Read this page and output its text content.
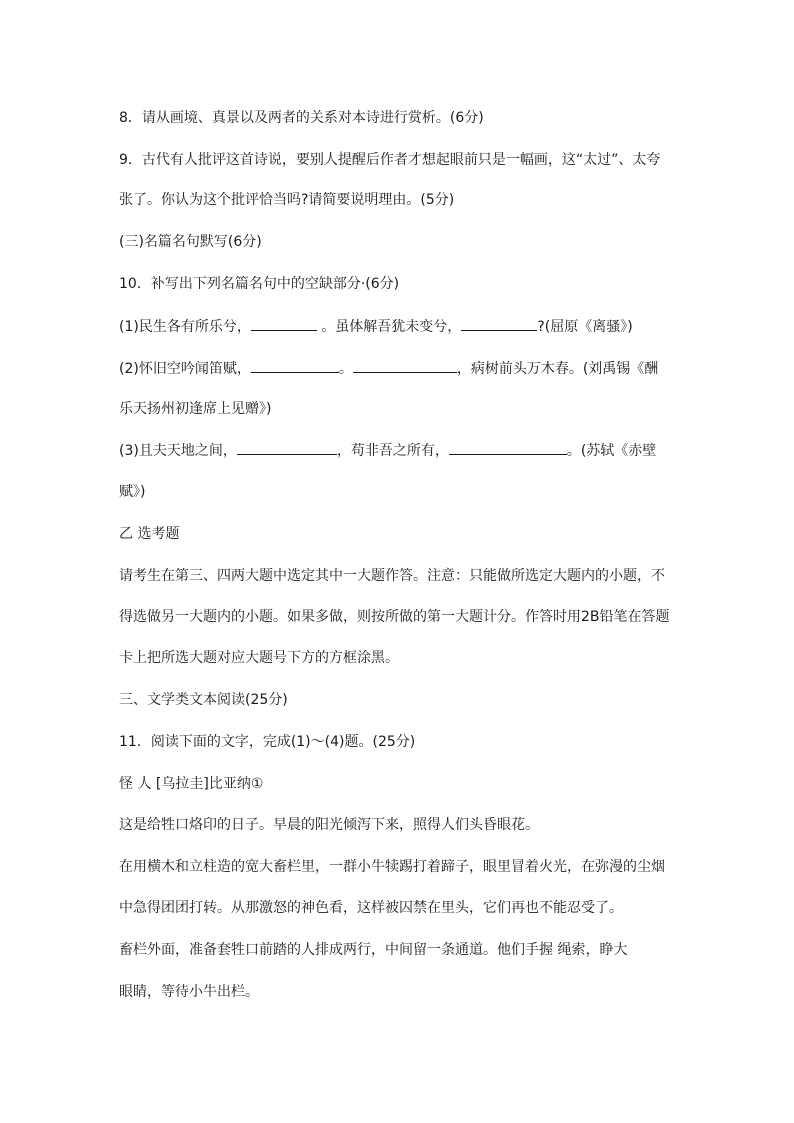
8．请从画境、真景以及两者的关系对本诗进行赏析。(6分)
9．古代有人批评这首诗说，要别人提醒后作者才想起眼前只是一幅画，这“太过”、太夸
张了。你认为这个批评恰当吗?请简要说明理由。(5分)
(三)名篇名句默写(6分)
10．补写出下列名篇名句中的空缺部分·(6分)
(1)民生各有所乐兮，	。虽体解吾犹未变兮，	?(屈原《离骚》)
(2)怀旧空吟闻笛赋，	。	，病树前头万木春。(刘禹锡《酬
乐天扬州初逢席上见赠》)
(3)且夫天地之间，	，苟非吾之所有，	。(苏轼《赤壁
赋》)
乙 选考题
请考生在第三、四两大题中选定其中一大题作答。注意：只能做所选定大题内的小题，不
得选做另一大题内的小题。如果多做，则按所做的第一大题计分。作答时用2B铅笔在答题
卡上把所选大题对应大题号下方的方框涂黑。
三、文学类文本阅读(25分)
11．阅读下面的文字，完成(1)～(4)题。(25分)
怪 人 [乌拉圭]比亚纳①
这是给牲口烙印的日子。早晨的阳光倾泻下来，照得人们头昏眼花。
在用横木和立柱造的宽大畜栏里，一群小牛犊踢打着蹄子，眼里冒着火光，在弥漫的尘烟
中急得团团打转。从那激怒的神色看，这样被囚禁在里头，它们再也不能忍受了。
畜栏外面，准备套牲口前踏的人排成两行，中间留一条通道。他们手握 绳索，睁大
眼睛，等待小牛出栏。
